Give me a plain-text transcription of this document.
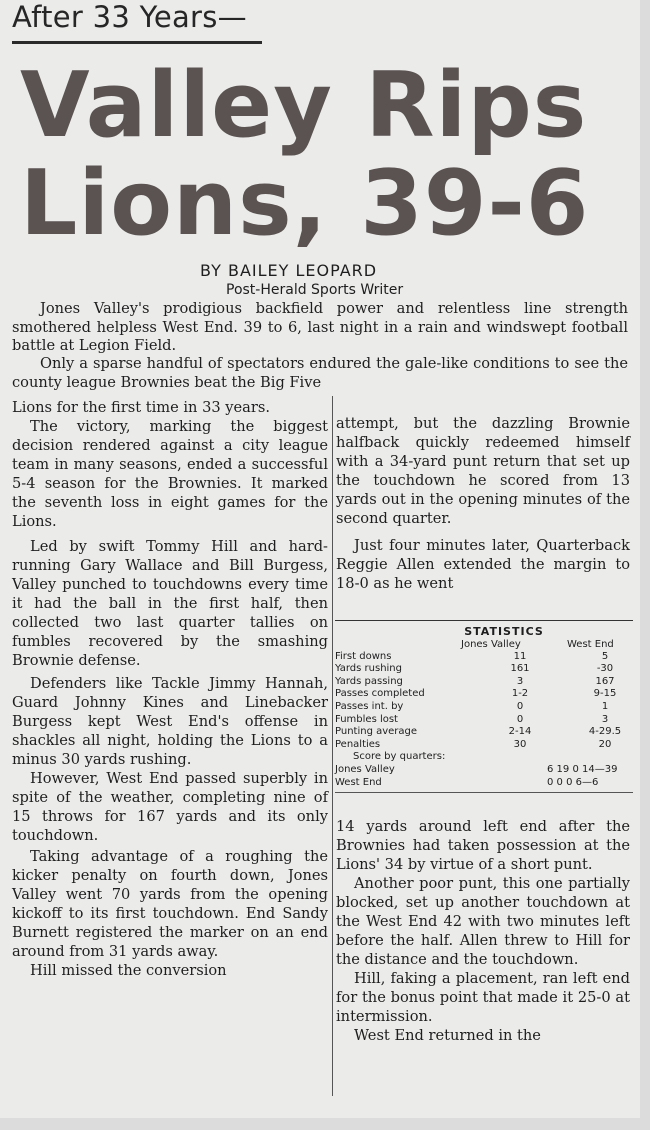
After 33 Years—
Valley Rips
Lions, 39-6
BY BAILEY LEOPARD
Post-Herald Sports Writer

Jones Valley's prodigious backfield power and relentless line strength smothered helpless West End. 39 to 6, last night in a rain and windswept football battle at Legion Field.

Only a sparse handful of spectators endured the gale-like conditions to see the county league Brownies beat the Big Five

Lions for the first time in 33 years.

The victory, marking the biggest decision rendered against a city league team in many seasons, ended a successful 5-4 season for the Brownies. It marked the seventh loss in eight games for the Lions.

Led by swift Tommy Hill and hard-running Gary Wallace and Bill Burgess, Valley punched to touchdowns every time it had the ball in the first half, then collected two last quarter tallies on fumbles recovered by the smashing Brownie defense.

Defenders like Tackle Jimmy Hannah, Guard Johnny Kines and Linebacker Burgess kept West End's offense in shackles all night, holding the Lions to a minus 30 yards rushing.

However, West End passed superbly in spite of the weather, completing nine of 15 throws for 167 yards and its only touchdown.

Taking advantage of a roughing the kicker penalty on fourth down, Jones Valley went 70 yards from the opening kickoff to its first touchdown. End Sandy Burnett registered the marker on an end around from 31 yards away.

Hill missed the conversion

attempt, but the dazzling Brownie halfback quickly redeemed himself with a 34-yard punt return that set up the touchdown he scored from 13 yards out in the opening minutes of the second quarter.

Just four minutes later, Quarterback Reggie Allen extended the margin to 18-0 as he went

STATISTICS
Jones Valley	West End
First downs	11	5
Yards rushing	161	-30
Yards passing	3	167
Passes completed	1-2	9-15
Passes int. by	0	1
Fumbles lost	0	3
Punting average	2-14	4-29.5
Penalties	30	20
Score by quarters:
Jones Valley	6 19 0 14—39
West End	0 0 0 6—6

14 yards around left end after the Brownies had taken possession at the Lions' 34 by virtue of a short punt.

Another poor punt, this one partially blocked, set up another touchdown at the West End 42 with two minutes left before the half. Allen threw to Hill for the distance and the touchdown.

Hill, faking a placement, ran left end for the bonus point that made it 25-0 at intermission.

West End returned in the
